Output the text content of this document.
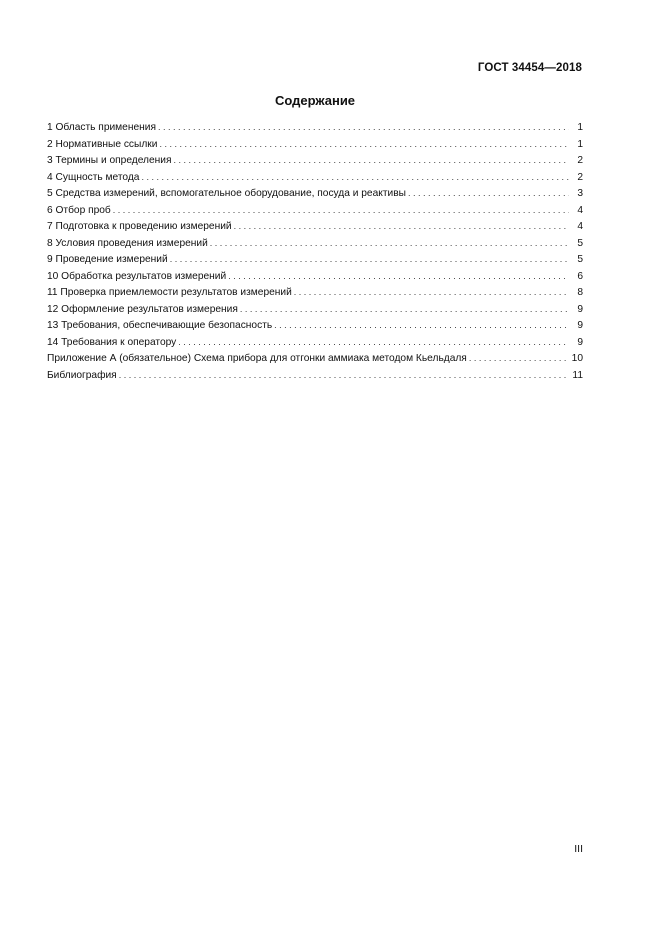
ГОСТ 34454—2018
Содержание
1 Область применения . . .	1
2 Нормативные ссылки . . .	1
3 Термины и определения . . .	2
4 Сущность метода . . .	2
5 Средства измерений, вспомогательное оборудование, посуда и реактивы . . .	3
6 Отбор проб . . .	4
7 Подготовка к проведению измерений . . .	4
8 Условия проведения измерений . . .	5
9 Проведение измерений . . .	5
10 Обработка результатов измерений . . .	6
11 Проверка приемлемости результатов измерений . . .	8
12 Оформление результатов измерения . . .	9
13 Требования, обеспечивающие безопасность . . .	9
14 Требования к оператору . . .	9
Приложение А (обязательное) Схема прибора для отгонки аммиака методом Кьельдаля . . .	10
Библиография . . .	11
III
